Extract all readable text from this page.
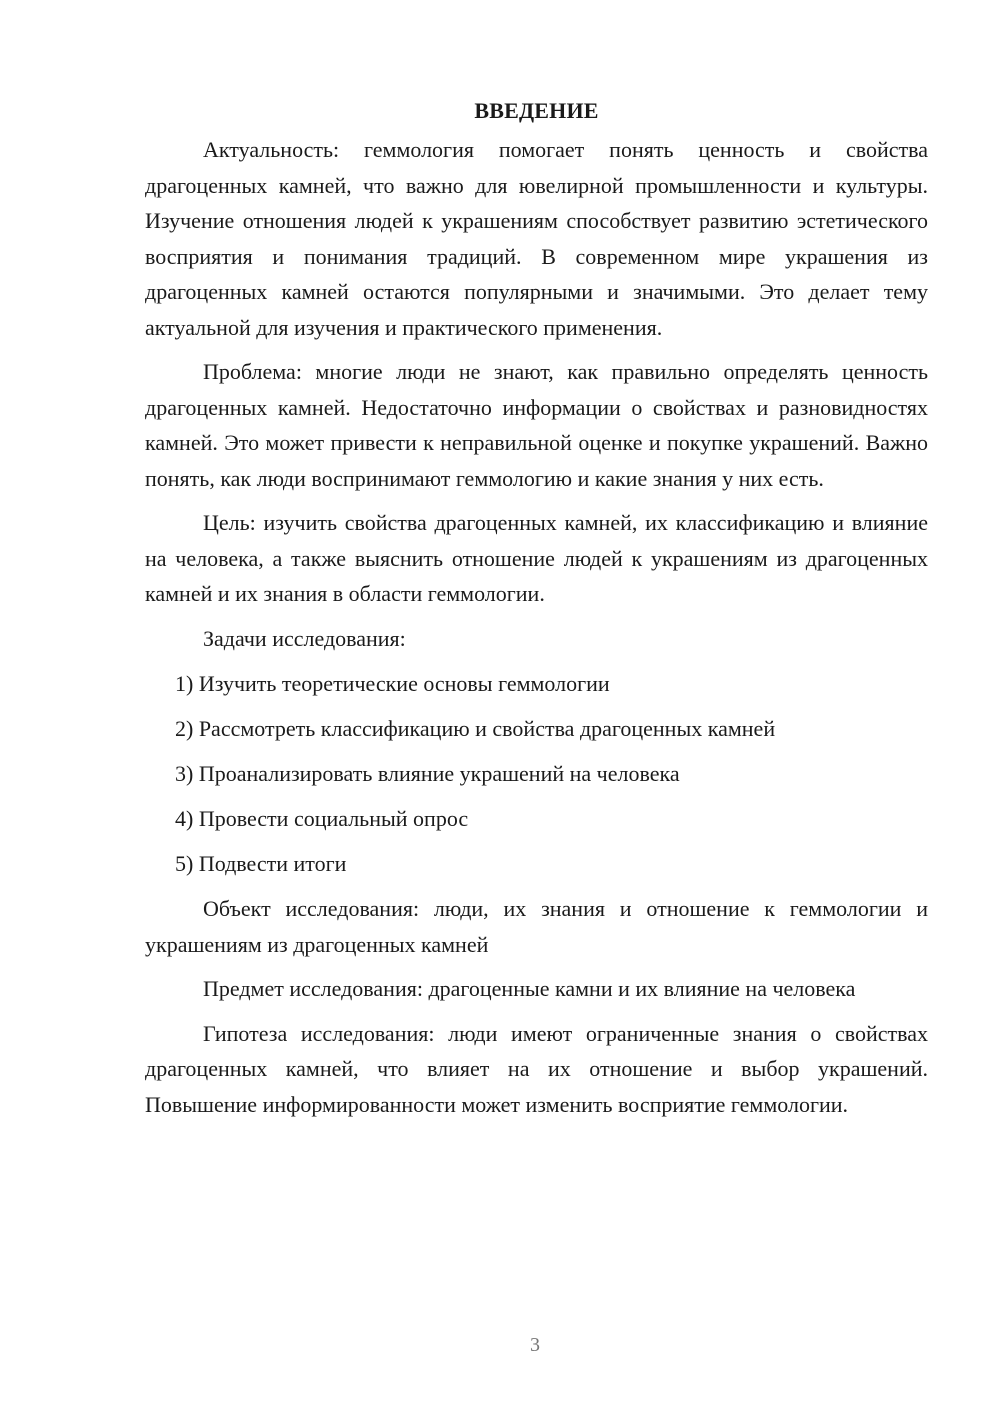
ВВЕДЕНИЕ

Актуальность: геммология помогает понять ценность и свойства драгоценных камней, что важно для ювелирной промышленности и культуры. Изучение отношения людей к украшениям способствует развитию эстетического восприятия и понимания традиций. В современном мире украшения из драгоценных камней остаются популярными и значимыми. Это делает тему актуальной для изучения и практического применения.

Проблема: многие люди не знают, как правильно определять ценность драгоценных камней. Недостаточно информации о свойствах и разновидностях камней. Это может привести к неправильной оценке и покупке украшений. Важно понять, как люди воспринимают геммологию и какие знания у них есть.

Цель: изучить свойства драгоценных камней, их классификацию и влияние на человека, а также выяснить отношение людей к украшениям из драгоценных камней и их знания в области геммологии.

Задачи исследования:
1) Изучить теоретические основы геммологии
2) Рассмотреть классификацию и свойства драгоценных камней
3) Проанализировать влияние украшений на человека
4) Провести социальный опрос
5) Подвести итоги

Объект исследования: люди, их знания и отношение к геммологии и украшениям из драгоценных камней

Предмет исследования: драгоценные камни и их влияние на человека

Гипотеза исследования: люди имеют ограниченные знания о свойствах драгоценных камней, что влияет на их отношение и выбор украшений. Повышение информированности может изменить восприятие геммологии.

3
